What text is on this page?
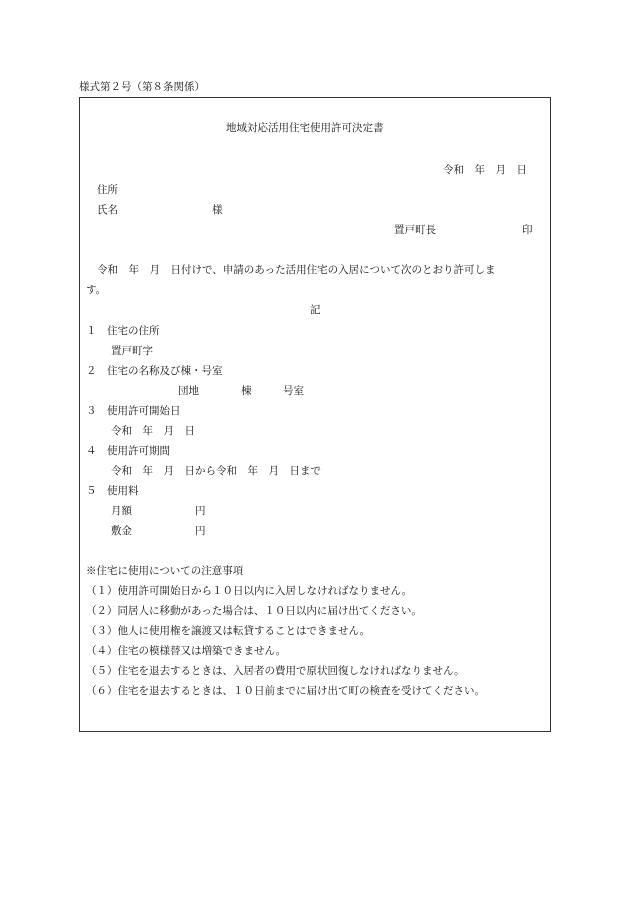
様式第２号（第８条関係）
地域対応活用住宅使用許可決定書
令和　年　月　日
住所
氏名	様
置戸町長	印
令和　年　月　日付けで、申請のあった活用住宅の入居について次のとおり許可しま
す。
記
１　住宅の住所
置戸町字
２　住宅の名称及び棟・号室
団地　　　　棟　　　号室
３　使用許可開始日
令和　年　月　日
４　使用許可期間
令和　年　月　日から令和　年　月　日まで
５　使用料
月額　　　　　　円
敷金　　　　　　円
※住宅に使用についての注意事項
（１）使用許可開始日から１０日以内に入居しなければなりません。
（２）同居人に移動があった場合は、１０日以内に届け出てください。
（３）他人に使用権を譲渡又は転貸することはできません。
（４）住宅の模様替又は増築できません。
（５）住宅を退去するときは、入居者の費用で原状回復しなければなりません。
（６）住宅を退去するときは、１０日前までに届け出て町の検査を受けてください。
